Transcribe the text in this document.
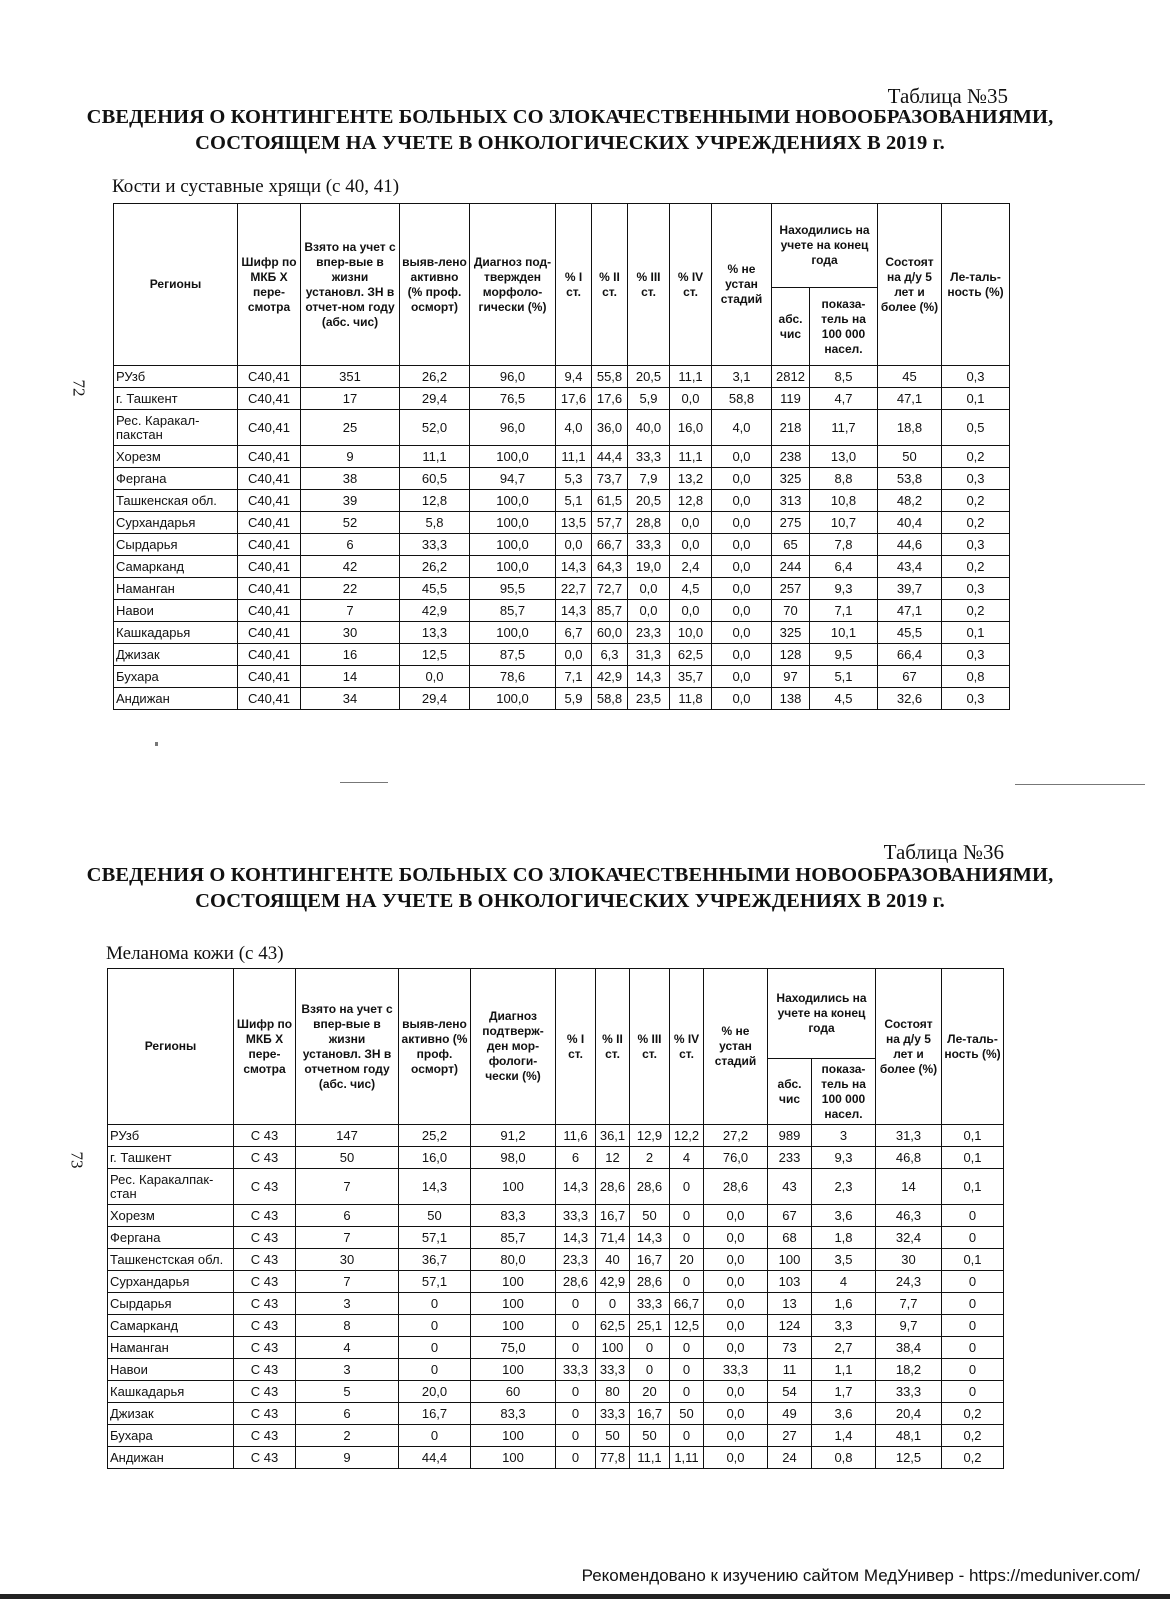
Таблица №35
СВЕДЕНИЯ О КОНТИНГЕНТЕ БОЛЬНЫХ СО ЗЛОКАЧЕСТВЕННЫМИ НОВООБРАЗОВАНИЯМИ,
СОСТОЯЩЕМ НА УЧЕТЕ В ОНКОЛОГИЧЕСКИХ УЧРЕЖДЕНИЯХ В 2019 г.
Кости и суставные хрящи (с 40, 41)
72
Регионы	Шифр по МКБ X пере-смотра	Взято на учет с впер-вые в жизни установл. ЗН в отчет-ном году (абс. чис)	выяв-лено активно (% проф. осморт)	Диагноз под-твержден морфоло-гически (%)	% I ст.	% II ст.	% III ст.	% IV ст.	% не устан стадий	Находились на учете на конец года		Состоят на д/у 5 лет и более (%)	Ле-таль-ность (%)
										абс. чис	показа-тель на 100 000 насел.		
РУзб	С40,41	351	26,2	96,0	9,4	55,8	20,5	11,1	3,1	2812	8,5	45	0,3
г. Ташкент	С40,41	17	29,4	76,5	17,6	17,6	5,9	0,0	58,8	119	4,7	47,1	0,1
Рес. Каракал-пакстан	С40,41	25	52,0	96,0	4,0	36,0	40,0	16,0	4,0	218	11,7	18,8	0,5
Хорезм	С40,41	9	11,1	100,0	11,1	44,4	33,3	11,1	0,0	238	13,0	50	0,2
Фергана	С40,41	38	60,5	94,7	5,3	73,7	7,9	13,2	0,0	325	8,8	53,8	0,3
Ташкенская обл.	С40,41	39	12,8	100,0	5,1	61,5	20,5	12,8	0,0	313	10,8	48,2	0,2
Сурхандарья	С40,41	52	5,8	100,0	13,5	57,7	28,8	0,0	0,0	275	10,7	40,4	0,2
Сырдарья	С40,41	6	33,3	100,0	0,0	66,7	33,3	0,0	0,0	65	7,8	44,6	0,3
Самарканд	С40,41	42	26,2	100,0	14,3	64,3	19,0	2,4	0,0	244	6,4	43,4	0,2
Наманган	С40,41	22	45,5	95,5	22,7	72,7	0,0	4,5	0,0	257	9,3	39,7	0,3
Навои	С40,41	7	42,9	85,7	14,3	85,7	0,0	0,0	0,0	70	7,1	47,1	0,2
Кашкадарья	С40,41	30	13,3	100,0	6,7	60,0	23,3	10,0	0,0	325	10,1	45,5	0,1
Джизак	С40,41	16	12,5	87,5	0,0	6,3	31,3	62,5	0,0	128	9,5	66,4	0,3
Бухара	С40,41	14	0,0	78,6	7,1	42,9	14,3	35,7	0,0	97	5,1	67	0,8
Андижан	С40,41	34	29,4	100,0	5,9	58,8	23,5	11,8	0,0	138	4,5	32,6	0,3
Таблица №36
СВЕДЕНИЯ О КОНТИНГЕНТЕ БОЛЬНЫХ СО ЗЛОКАЧЕСТВЕННЫМИ НОВООБРАЗОВАНИЯМИ,
СОСТОЯЩЕМ НА УЧЕТЕ В ОНКОЛОГИЧЕСКИХ УЧРЕЖДЕНИЯХ В 2019 г.
Меланома кожи (с 43)
73
Регионы	Шифр по МКБ X пере-смотра	Взято на учет с впер-вые в жизни установл. ЗН в отчетном году (абс. чис)	выяв-лено активно (% проф. осморт)	Диагноз подтверж-ден мор-фологи-чески (%)	% I ст.	% II ст.	% III ст.	% IV ст.	% не устан стадий	Находились на учете на конец года		Состоят на д/у 5 лет и более (%)	Ле-таль-ность (%)
										абс. чис	показа-тель на 100 000 насел.		
РУзб	С 43	147	25,2	91,2	11,6	36,1	12,9	12,2	27,2	989	3	31,3	0,1
г. Ташкент	С 43	50	16,0	98,0	6	12	2	4	76,0	233	9,3	46,8	0,1
Рес. Каракалпак-стан	С 43	7	14,3	100	14,3	28,6	28,6	0	28,6	43	2,3	14	0,1
Хорезм	С 43	6	50	83,3	33,3	16,7	50	0	0,0	67	3,6	46,3	0
Фергана	С 43	7	57,1	85,7	14,3	71,4	14,3	0	0,0	68	1,8	32,4	0
Ташкенстская обл.	С 43	30	36,7	80,0	23,3	40	16,7	20	0,0	100	3,5	30	0,1
Сурхандарья	С 43	7	57,1	100	28,6	42,9	28,6	0	0,0	103	4	24,3	0
Сырдарья	С 43	3	0	100	0	0	33,3	66,7	0,0	13	1,6	7,7	0
Самарканд	С 43	8	0	100	0	62,5	25,1	12,5	0,0	124	3,3	9,7	0
Наманган	С 43	4	0	75,0	0	100	0	0	0,0	73	2,7	38,4	0
Навои	С 43	3	0	100	33,3	33,3	0	0	33,3	11	1,1	18,2	0
Кашкадарья	С 43	5	20,0	60	0	80	20	0	0,0	54	1,7	33,3	0
Джизак	С 43	6	16,7	83,3	0	33,3	16,7	50	0,0	49	3,6	20,4	0,2
Бухара	С 43	2	0	100	0	50	50	0	0,0	27	1,4	48,1	0,2
Андижан	С 43	9	44,4	100	0	77,8	11,1	1,11	0,0	24	0,8	12,5	0,2
Рекомендовано к изучению сайтом МедУнивер - https://meduniver.com/
